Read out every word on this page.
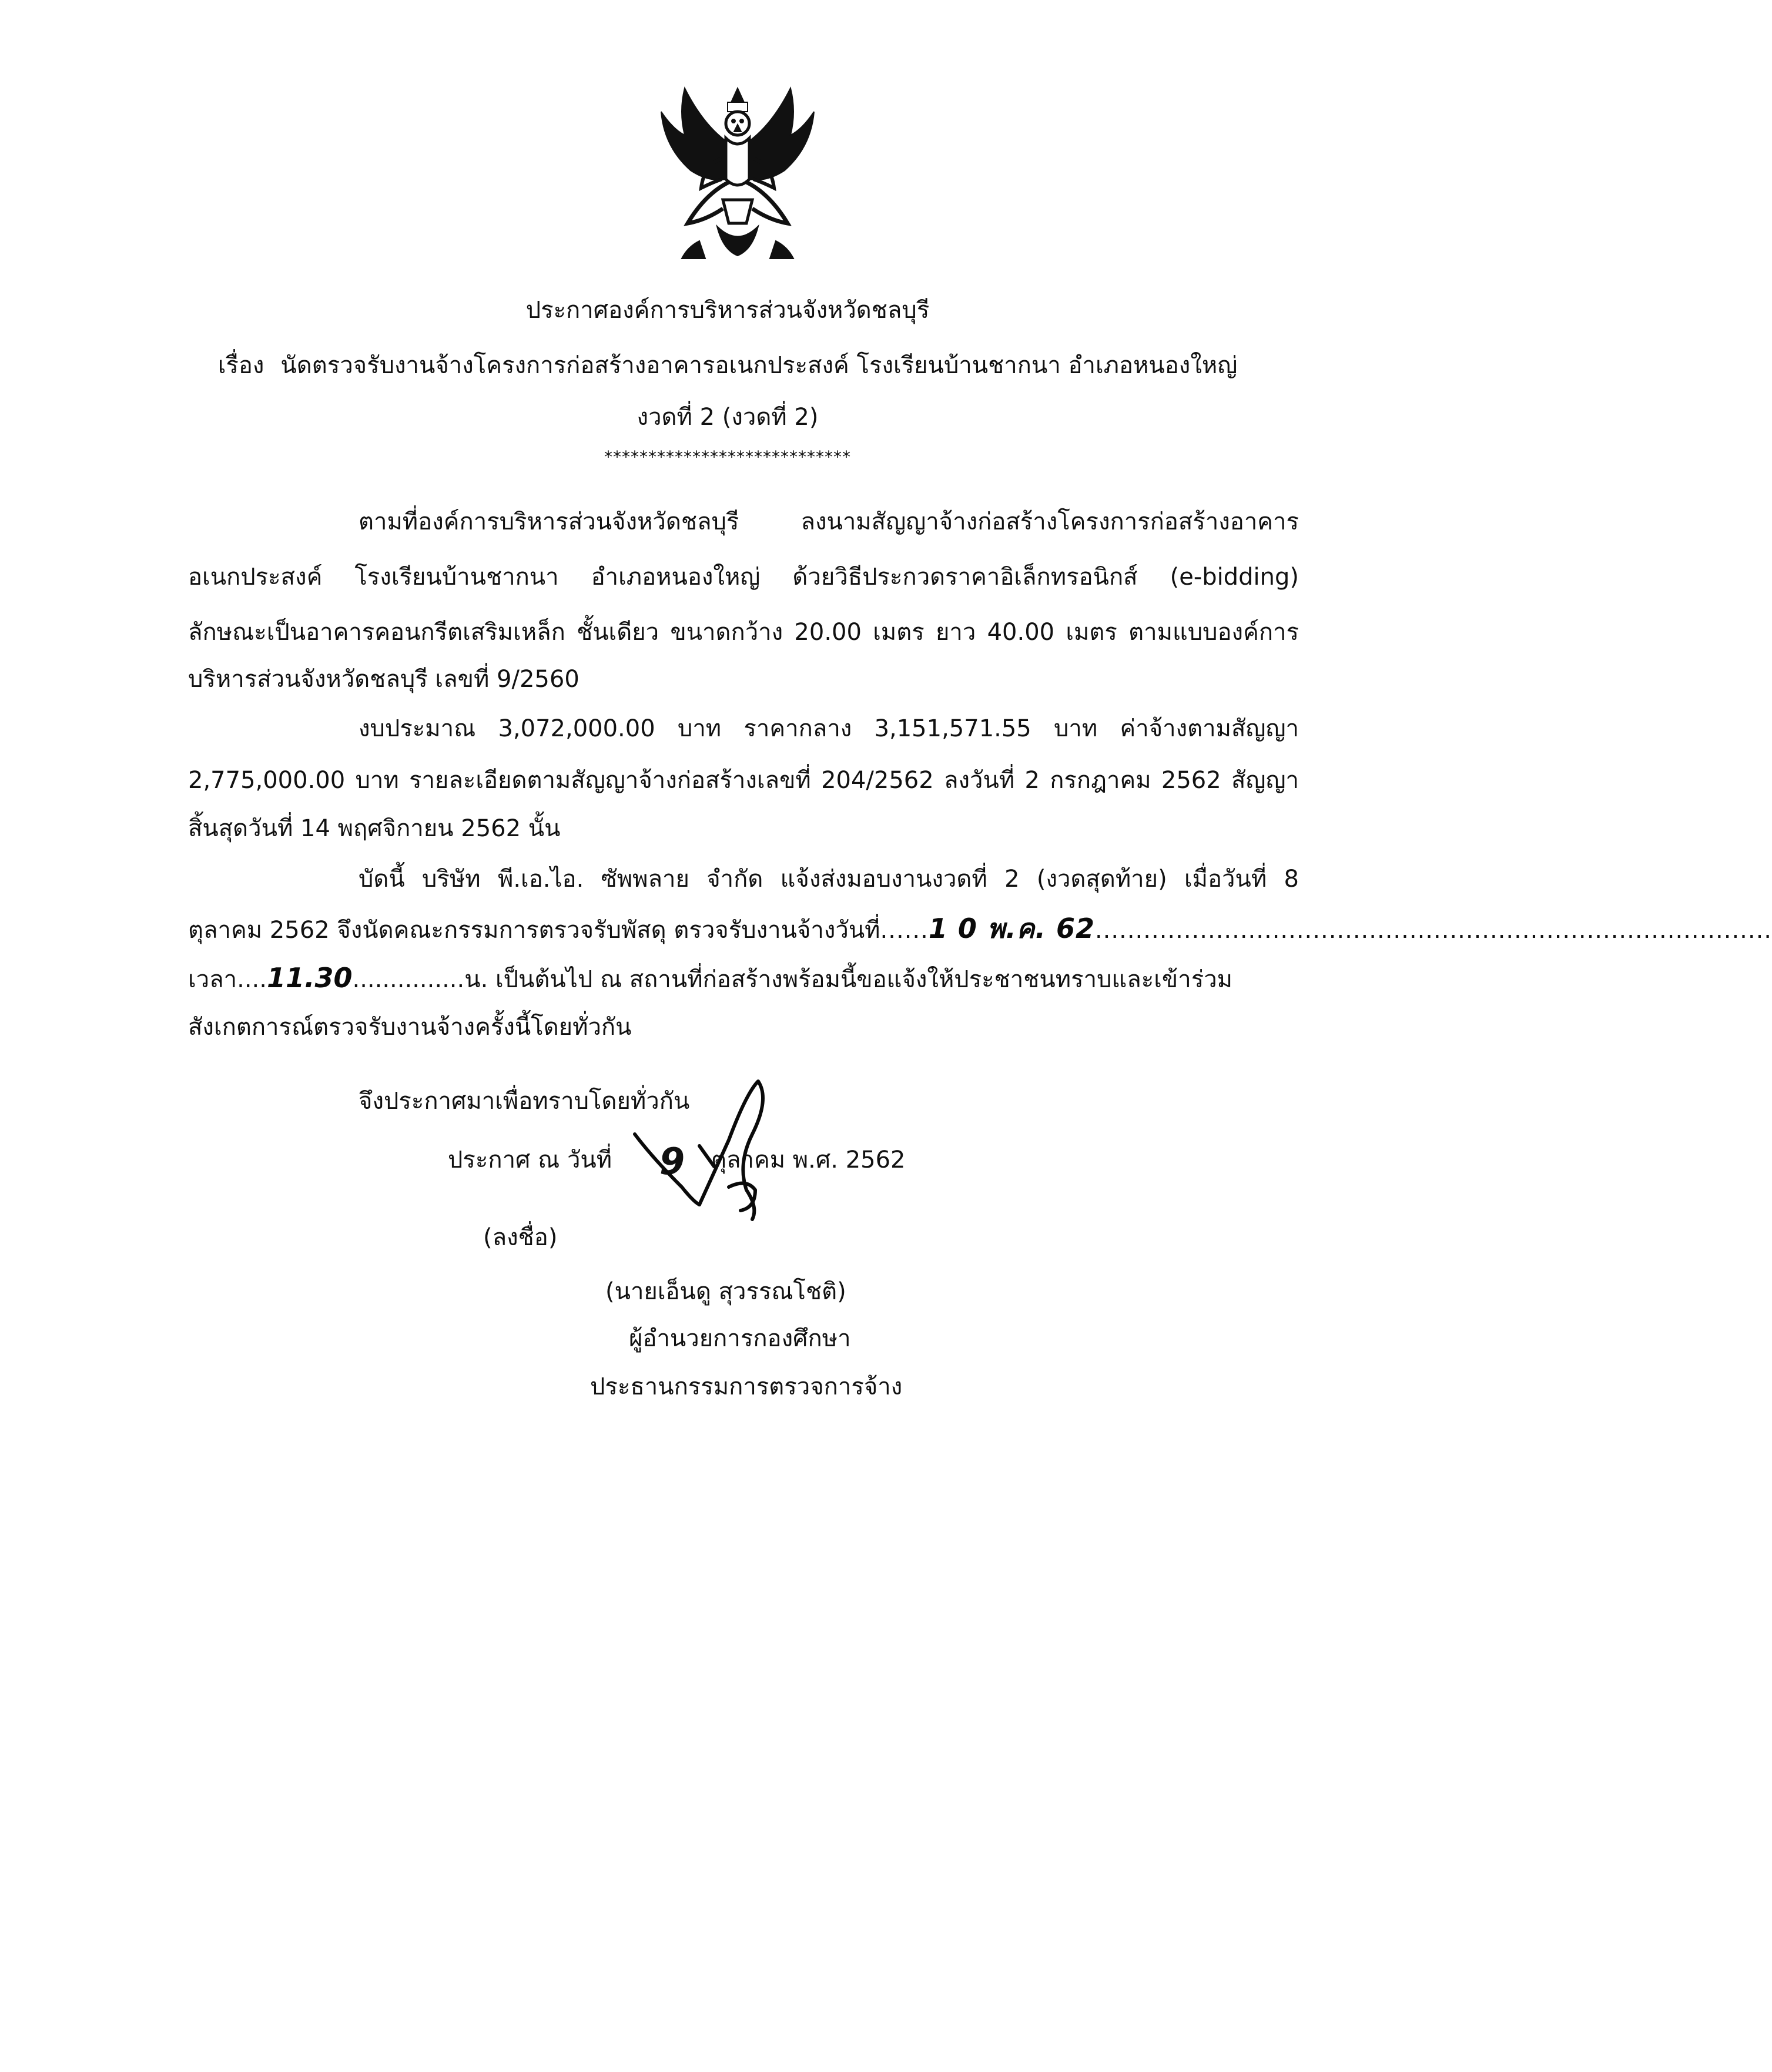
ประกาศองค์การบริหารส่วนจังหวัดชลบุรี
เรื่อง นัดตรวจรับงานจ้างโครงการก่อสร้างอาคารอเนกประสงค์ โรงเรียนบ้านชากนา อำเภอหนองใหญ่
งวดที่ 2 (งวดที่ 2)
****************************
ตามที่องค์การบริหารส่วนจังหวัดชลบุรี ลงนามสัญญาจ้างก่อสร้างโครงการก่อสร้างอาคาร
อเนกประสงค์ โรงเรียนบ้านชากนา อำเภอหนองใหญ่ ด้วยวิธีประกวดราคาอิเล็กทรอนิกส์ (e-bidding)
ลักษณะเป็นอาคารคอนกรีตเสริมเหล็ก ชั้นเดียว ขนาดกว้าง 20.00 เมตร ยาว 40.00 เมตร ตามแบบองค์การ
บริหารส่วนจังหวัดชลบุรี เลขที่ 9/2560
งบประมาณ 3,072,000.00 บาท ราคากลาง 3,151,571.55 บาท ค่าจ้างตามสัญญา
2,775,000.00 บาท รายละเอียดตามสัญญาจ้างก่อสร้างเลขที่ 204/2562 ลงวันที่ 2 กรกฎาคม 2562 สัญญา
สิ้นสุดวันที่ 14 พฤศจิกายน 2562 นั้น
บัดนี้ บริษัท พี.เอ.ไอ. ซัพพลาย จำกัด แจ้งส่งมอบงานงวดที่ 2 (งวดสุดท้าย) เมื่อวันที่ 8
ตุลาคม 2562 จึงนัดคณะกรรมการตรวจรับพัสดุ ตรวจรับงานจ้างวันที่ ......1 0 พ.ค. 62....................................................................................
เวลา ....11.30............... น. เป็นต้นไป ณ สถานที่ก่อสร้างพร้อมนี้ขอแจ้งให้ประชาชนทราบและเข้าร่วม
สังเกตการณ์ตรวจรับงานจ้างครั้งนี้โดยทั่วกัน
จึงประกาศมาเพื่อทราบโดยทั่วกัน
ประกาศ ณ วันที่ 9 ตุลาคม พ.ศ. 2562
(ลงชื่อ)
(นายเอ็นดู สุวรรณโชติ)
ผู้อำนวยการกองศึกษา
ประธานกรรมการตรวจการจ้าง
